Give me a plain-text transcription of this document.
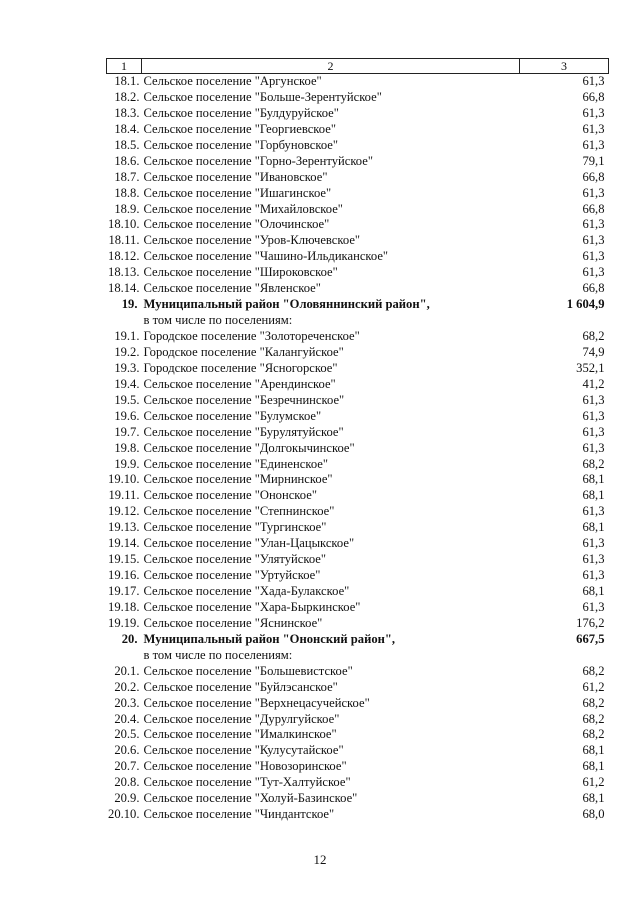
1	2	3
18.1.	Сельское поселение "Аргунское"	61,3
18.2.	Сельское поселение "Больше-Зерентуйское"	66,8
18.3.	Сельское поселение "Булдуруйское"	61,3
18.4.	Сельское поселение "Георгиевское"	61,3
18.5.	Сельское поселение "Горбуновское"	61,3
18.6.	Сельское поселение "Горно-Зерентуйское"	79,1
18.7.	Сельское поселение "Ивановское"	66,8
18.8.	Сельское поселение "Ишагинское"	61,3
18.9.	Сельское поселение "Михайловское"	66,8
18.10.	Сельское поселение "Олочинское"	61,3
18.11.	Сельское поселение "Уров-Ключевское"	61,3
18.12.	Сельское поселение "Чашино-Ильдиканское"	61,3
18.13.	Сельское поселение "Широковское"	61,3
18.14.	Сельское поселение "Явленское"	66,8
19.	Муниципальный район "Оловяннинский район",	1 604,9
	в том числе по поселениям:	
19.1.	Городское поселение "Золотореченское"	68,2
19.2.	Городское поселение "Калангуйское"	74,9
19.3.	Городское поселение "Ясногорское"	352,1
19.4.	Сельское поселение "Арендинское"	41,2
19.5.	Сельское поселение "Безречнинское"	61,3
19.6.	Сельское поселение "Булумское"	61,3
19.7.	Сельское поселение "Бурулятуйское"	61,3
19.8.	Сельское поселение "Долгокычинское"	61,3
19.9.	Сельское поселение "Единенское"	68,2
19.10.	Сельское поселение "Мирнинское"	68,1
19.11.	Сельское поселение "Ононское"	68,1
19.12.	Сельское поселение "Степнинское"	61,3
19.13.	Сельское поселение "Тургинское"	68,1
19.14.	Сельское поселение "Улан-Цацыкское"	61,3
19.15.	Сельское поселение "Улятуйское"	61,3
19.16.	Сельское поселение "Уртуйское"	61,3
19.17.	Сельское поселение "Хада-Булакское"	68,1
19.18.	Сельское поселение "Хара-Быркинское"	61,3
19.19.	Сельское поселение "Яснинское"	176,2
20.	Муниципальный район "Ононский район",	667,5
	в том числе по поселениям:	
20.1.	Сельское поселение "Большевистское"	68,2
20.2.	Сельское поселение "Буйлэсанское"	61,2
20.3.	Сельское поселение "Верхнецасучейское"	68,2
20.4.	Сельское поселение "Дурулгуйское"	68,2
20.5.	Сельское поселение "Ималкинское"	68,2
20.6.	Сельское поселение "Кулусутайское"	68,1
20.7.	Сельское поселение "Новозоринское"	68,1
20.8.	Сельское поселение "Тут-Халтуйское"	61,2
20.9.	Сельское поселение "Холуй-Базинское"	68,1
20.10.	Сельское поселение "Чиндантское"	68,0
12
